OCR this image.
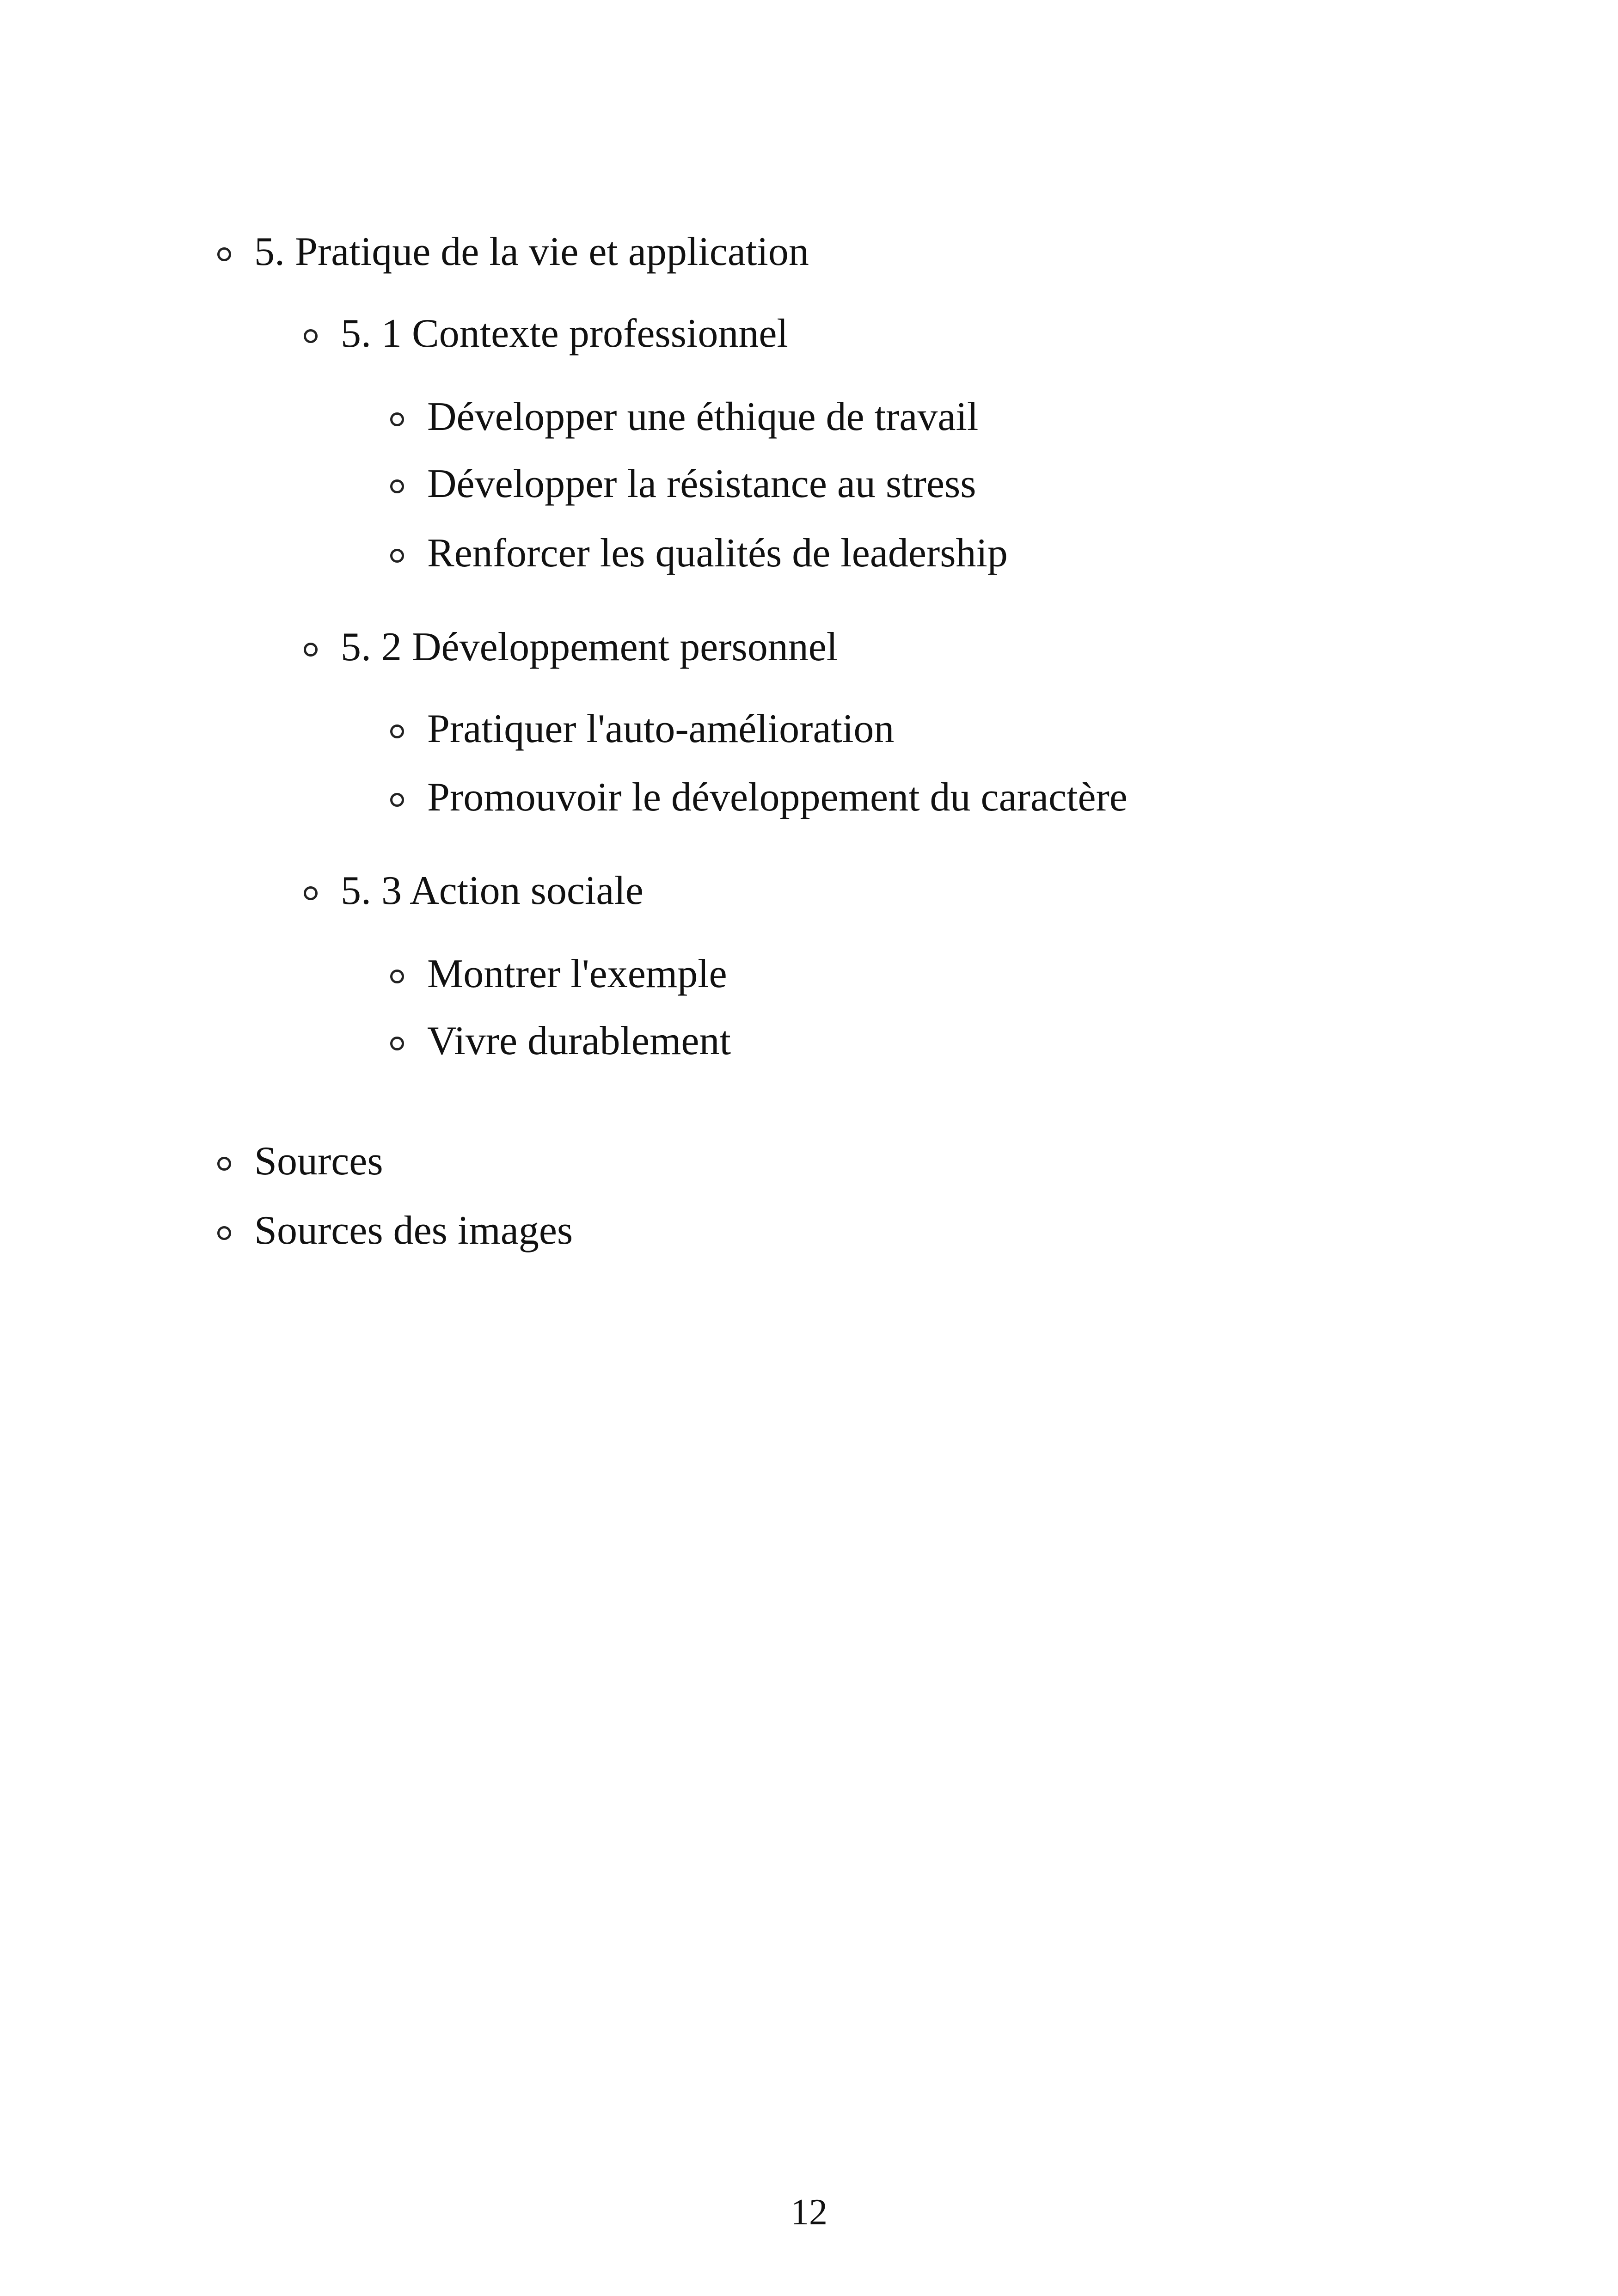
5. Pratique de la vie et application
5. 1 Contexte professionnel
Développer une éthique de travail
Développer la résistance au stress
Renforcer les qualités de leadership
5. 2 Développement personnel
Pratiquer l'auto-amélioration
Promouvoir le développement du caractère
5. 3 Action sociale
Montrer l'exemple
Vivre durablement
Sources
Sources des images
12
